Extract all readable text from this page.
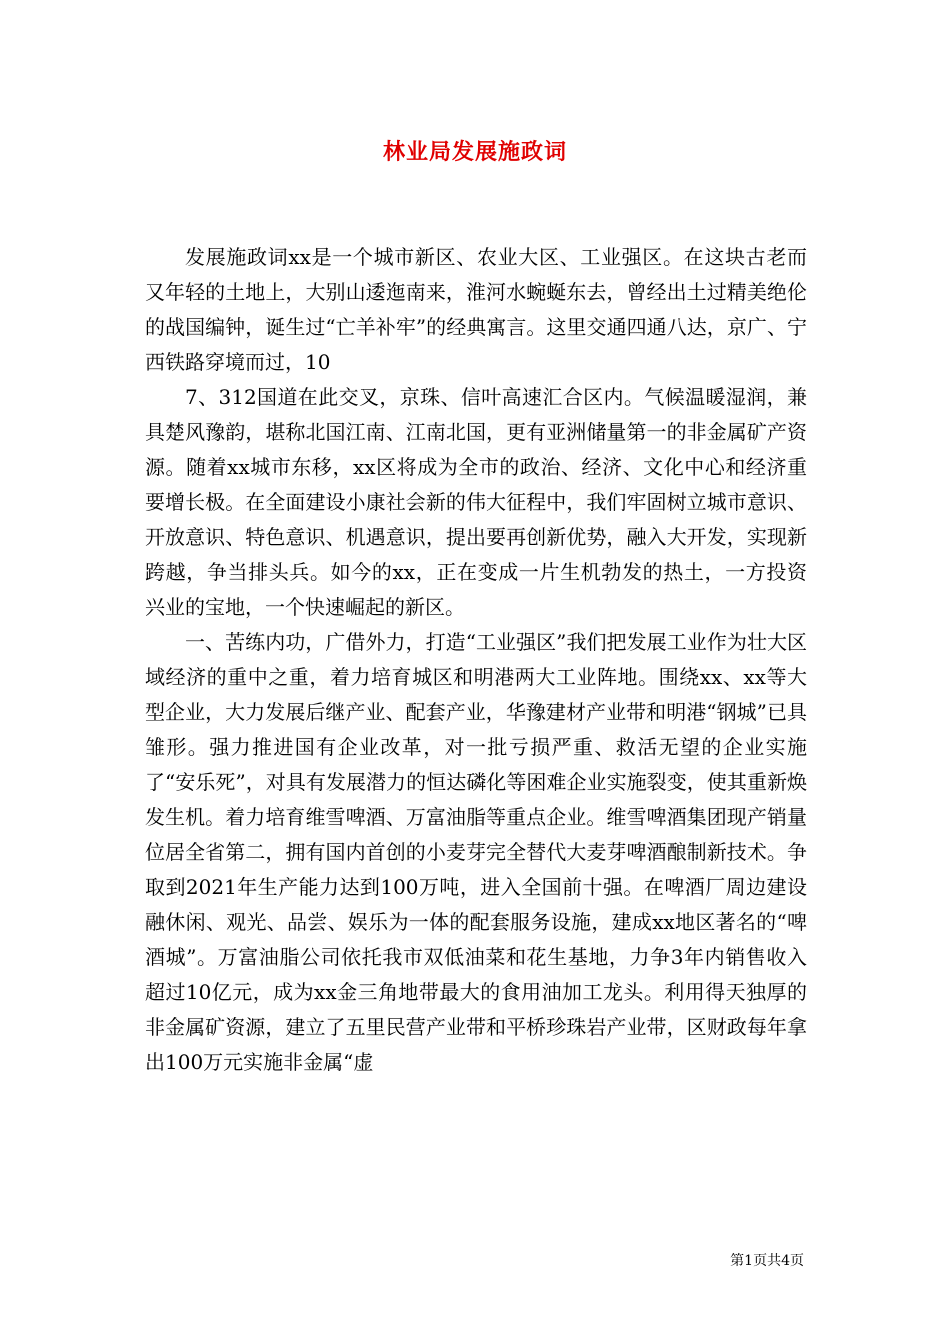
林业局发展施政词

发展施政词xx是一个城市新区、农业大区、工业强区。在这块古老而又年轻的土地上，大别山逶迤南来，淮河水蜿蜒东去，曾经出土过精美绝伦的战国编钟，诞生过“亡羊补牢”的经典寓言。这里交通四通八达，京广、宁西铁路穿境而过，10

7、312国道在此交叉，京珠、信叶高速汇合区内。气候温暖湿润，兼具楚风豫韵，堪称北国江南、江南北国，更有亚洲储量第一的非金属矿产资源。随着xx城市东移，xx区将成为全市的政治、经济、文化中心和经济重要增长极。在全面建设小康社会新的伟大征程中，我们牢固树立城市意识、开放意识、特色意识、机遇意识，提出要再创新优势，融入大开发，实现新跨越，争当排头兵。如今的xx，正在变成一片生机勃发的热土，一方投资兴业的宝地，一个快速崛起的新区。

一、苦练内功，广借外力，打造“工业强区”我们把发展工业作为壮大区域经济的重中之重，着力培育城区和明港两大工业阵地。围绕xx、xx等大型企业，大力发展后继产业、配套产业，华豫建材产业带和明港“钢城”已具雏形。强力推进国有企业改革，对一批亏损严重、救活无望的企业实施了“安乐死”，对具有发展潜力的恒达磷化等困难企业实施裂变，使其重新焕发生机。着力培育维雪啤酒、万富油脂等重点企业。维雪啤酒集团现产销量位居全省第二，拥有国内首创的小麦芽完全替代大麦芽啤酒酿制新技术。争取到2021年生产能力达到100万吨，进入全国前十强。在啤酒厂周边建设融休闲、观光、品尝、娱乐为一体的配套服务设施，建成xx地区著名的“啤酒城”。万富油脂公司依托我市双低油菜和花生基地，力争3年内销售收入超过10亿元，成为xx金三角地带最大的食用油加工龙头。利用得天独厚的非金属矿资源，建立了五里民营产业带和平桥珍珠岩产业带，区财政每年拿出100万元实施非金属“虚

第1页共4页
